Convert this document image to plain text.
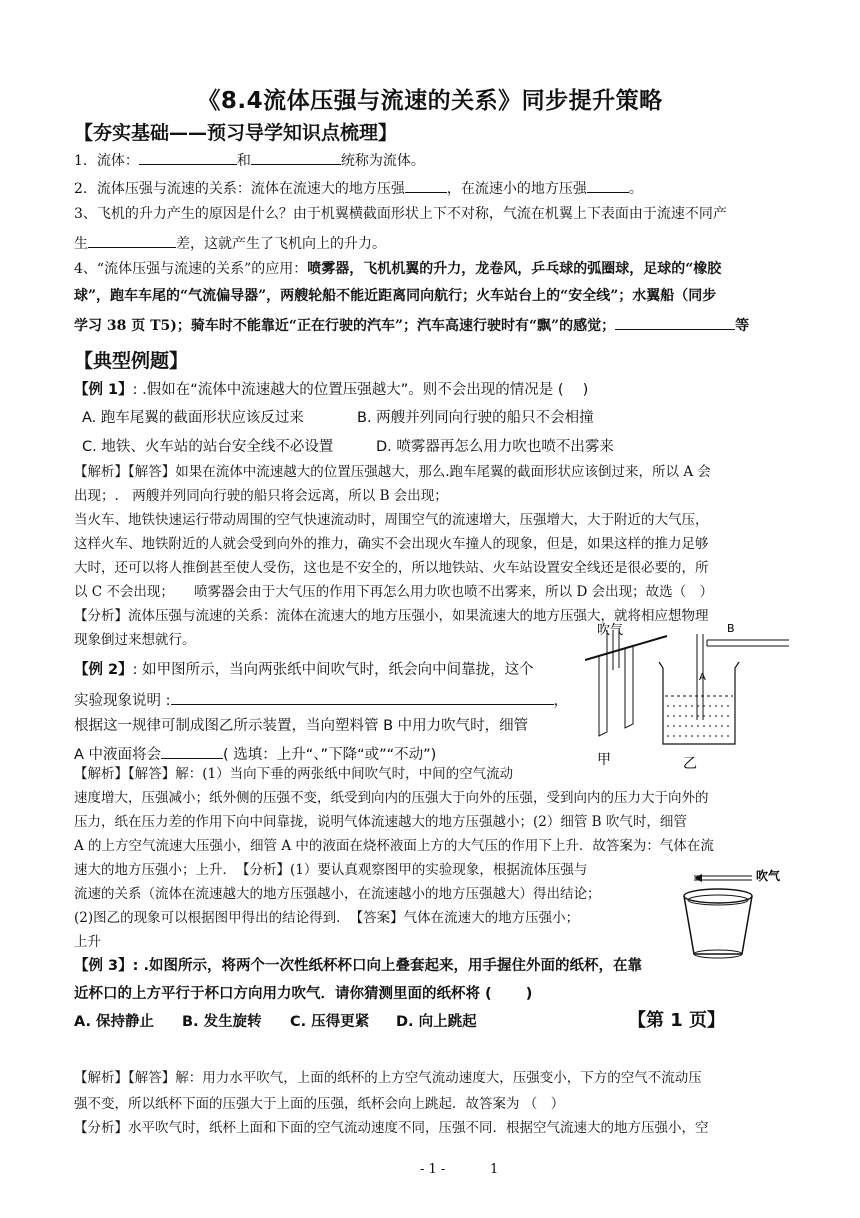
《8.4流体压强与流速的关系》同步提升策略
【夯实基础——预习导学知识点梳理】
1．流体：	和	统称为流体。
2．流体压强与流速的关系：流体在流速大的地方压强	，在流速小的地方压强	。
3、飞机的升力产生的原因是什么？由于机翼横截面形状上下不对称，气流在机翼上下表面由于流速不同产
生	差，这就产生了飞机向上的升力。
4、“流体压强与流速的关系”的应用：喷雾器，飞机机翼的升力，龙卷风，乒乓球的弧圈球，足球的“橡胶
球”，跑车车尾的“气流偏导器”，两艘轮船不能近距离同向航行；火车站台上的“安全线”；水翼船（同步
学习 38 页 T5)；骑车时不能靠近“正在行驶的汽车”；汽车高速行驶时有“飘”的感觉；	等
【典型例题】
【例 1】: .假如在“流体中流速越大的位置压强越大”。则不会出现的情况是 (　 )
A. 跑车尾翼的截面形状应该反过来	B. 两艘并列同向行驶的船只不会相撞
C. 地铁、火车站的站台安全线不必设置	D. 喷雾器再怎么用力吹也喷不出雾来
【解析】【解答】如果在流体中流速越大的位置压强越大，那么.跑车尾翼的截面形状应该倒过来，所以 A 会
出现；.　两艘并列同向行驶的船只将会远离，所以 B 会出现；
当火车、地铁快速运行带动周围的空气快速流动时，周围空气的流速增大，压强增大，大于附近的大气压，
这样火车、地铁附近的人就会受到向外的推力，确实不会出现火车撞人的现象，但是，如果这样的推力足够
大时，还可以将人推倒甚至使人受伤，这也是不安全的，所以地铁站、火车站设置安全线还是很必要的，所
以 C 不会出现；　　喷雾器会由于大气压的作用下再怎么用力吹也喷不出雾来，所以 D 会出现；故选（　）
【分析】流体压强与流速的关系：流体在流速大的地方压强小，如果流速大的地方压强大，就将相应想物理
现象倒过来想就行。
【例 2】: 如甲图所示，当向两张纸中间吹气时，纸会向中间靠拢，这个
实验现象说明 :	，
根据这一规律可制成图乙所示装置，当向塑料管 B 中用力吹气时，细管
A 中液面将会	( 选填：上升“、”下降“或”“不动”)
吹气
甲
B
A
乙
【解析】【解答】解：(1）当向下垂的两张纸中间吹气时，中间的空气流动
速度增大，压强减小；纸外侧的压强不变，纸受到向内的压强大于向外的压强，受到向内的压力大于向外的
压力，纸在压力差的作用下向中间靠拢，说明气体流速越大的地方压强越小；(2）细管 B 吹气时，细管
A 的上方空气流速大压强小，细管 A 中的液面在烧杯液面上方的大气压的作用下上升．故答案为：气体在流
速大的地方压强小；上升．　【分析】(1）要认真观察图甲的实验现象，根据流体压强与
流速的关系（流体在流速越大的地方压强越小，在流速越小的地方压强越大）得出结论；
(2)图乙的现象可以根据图甲得出的结论得到．　【答案】气体在流速大的地方压强小；
上升
吹气
【例 3】: .如图所示，将两个一次性纸杯杯口向上叠套起来，用手握住外面的纸杯，在靠
近杯口的上方平行于杯口方向用力吹气．请你猜测里面的纸杯将 (　　 )
A. 保持静止 B. 发生旋转 C. 压得更紧 D. 向上跳起	【第 1 页】
【解析】【解答】解：用力水平吹气，上面的纸杯的上方空气流动速度大，压强变小，下方的空气不流动压
强不变，所以纸杯下面的压强大于上面的压强，纸杯会向上跳起．故答案为 （　）
【分析】水平吹气时，纸杯上面和下面的空气流动速度不同，压强不同．根据空气流速大的地方压强小，空
- 1 -	1
